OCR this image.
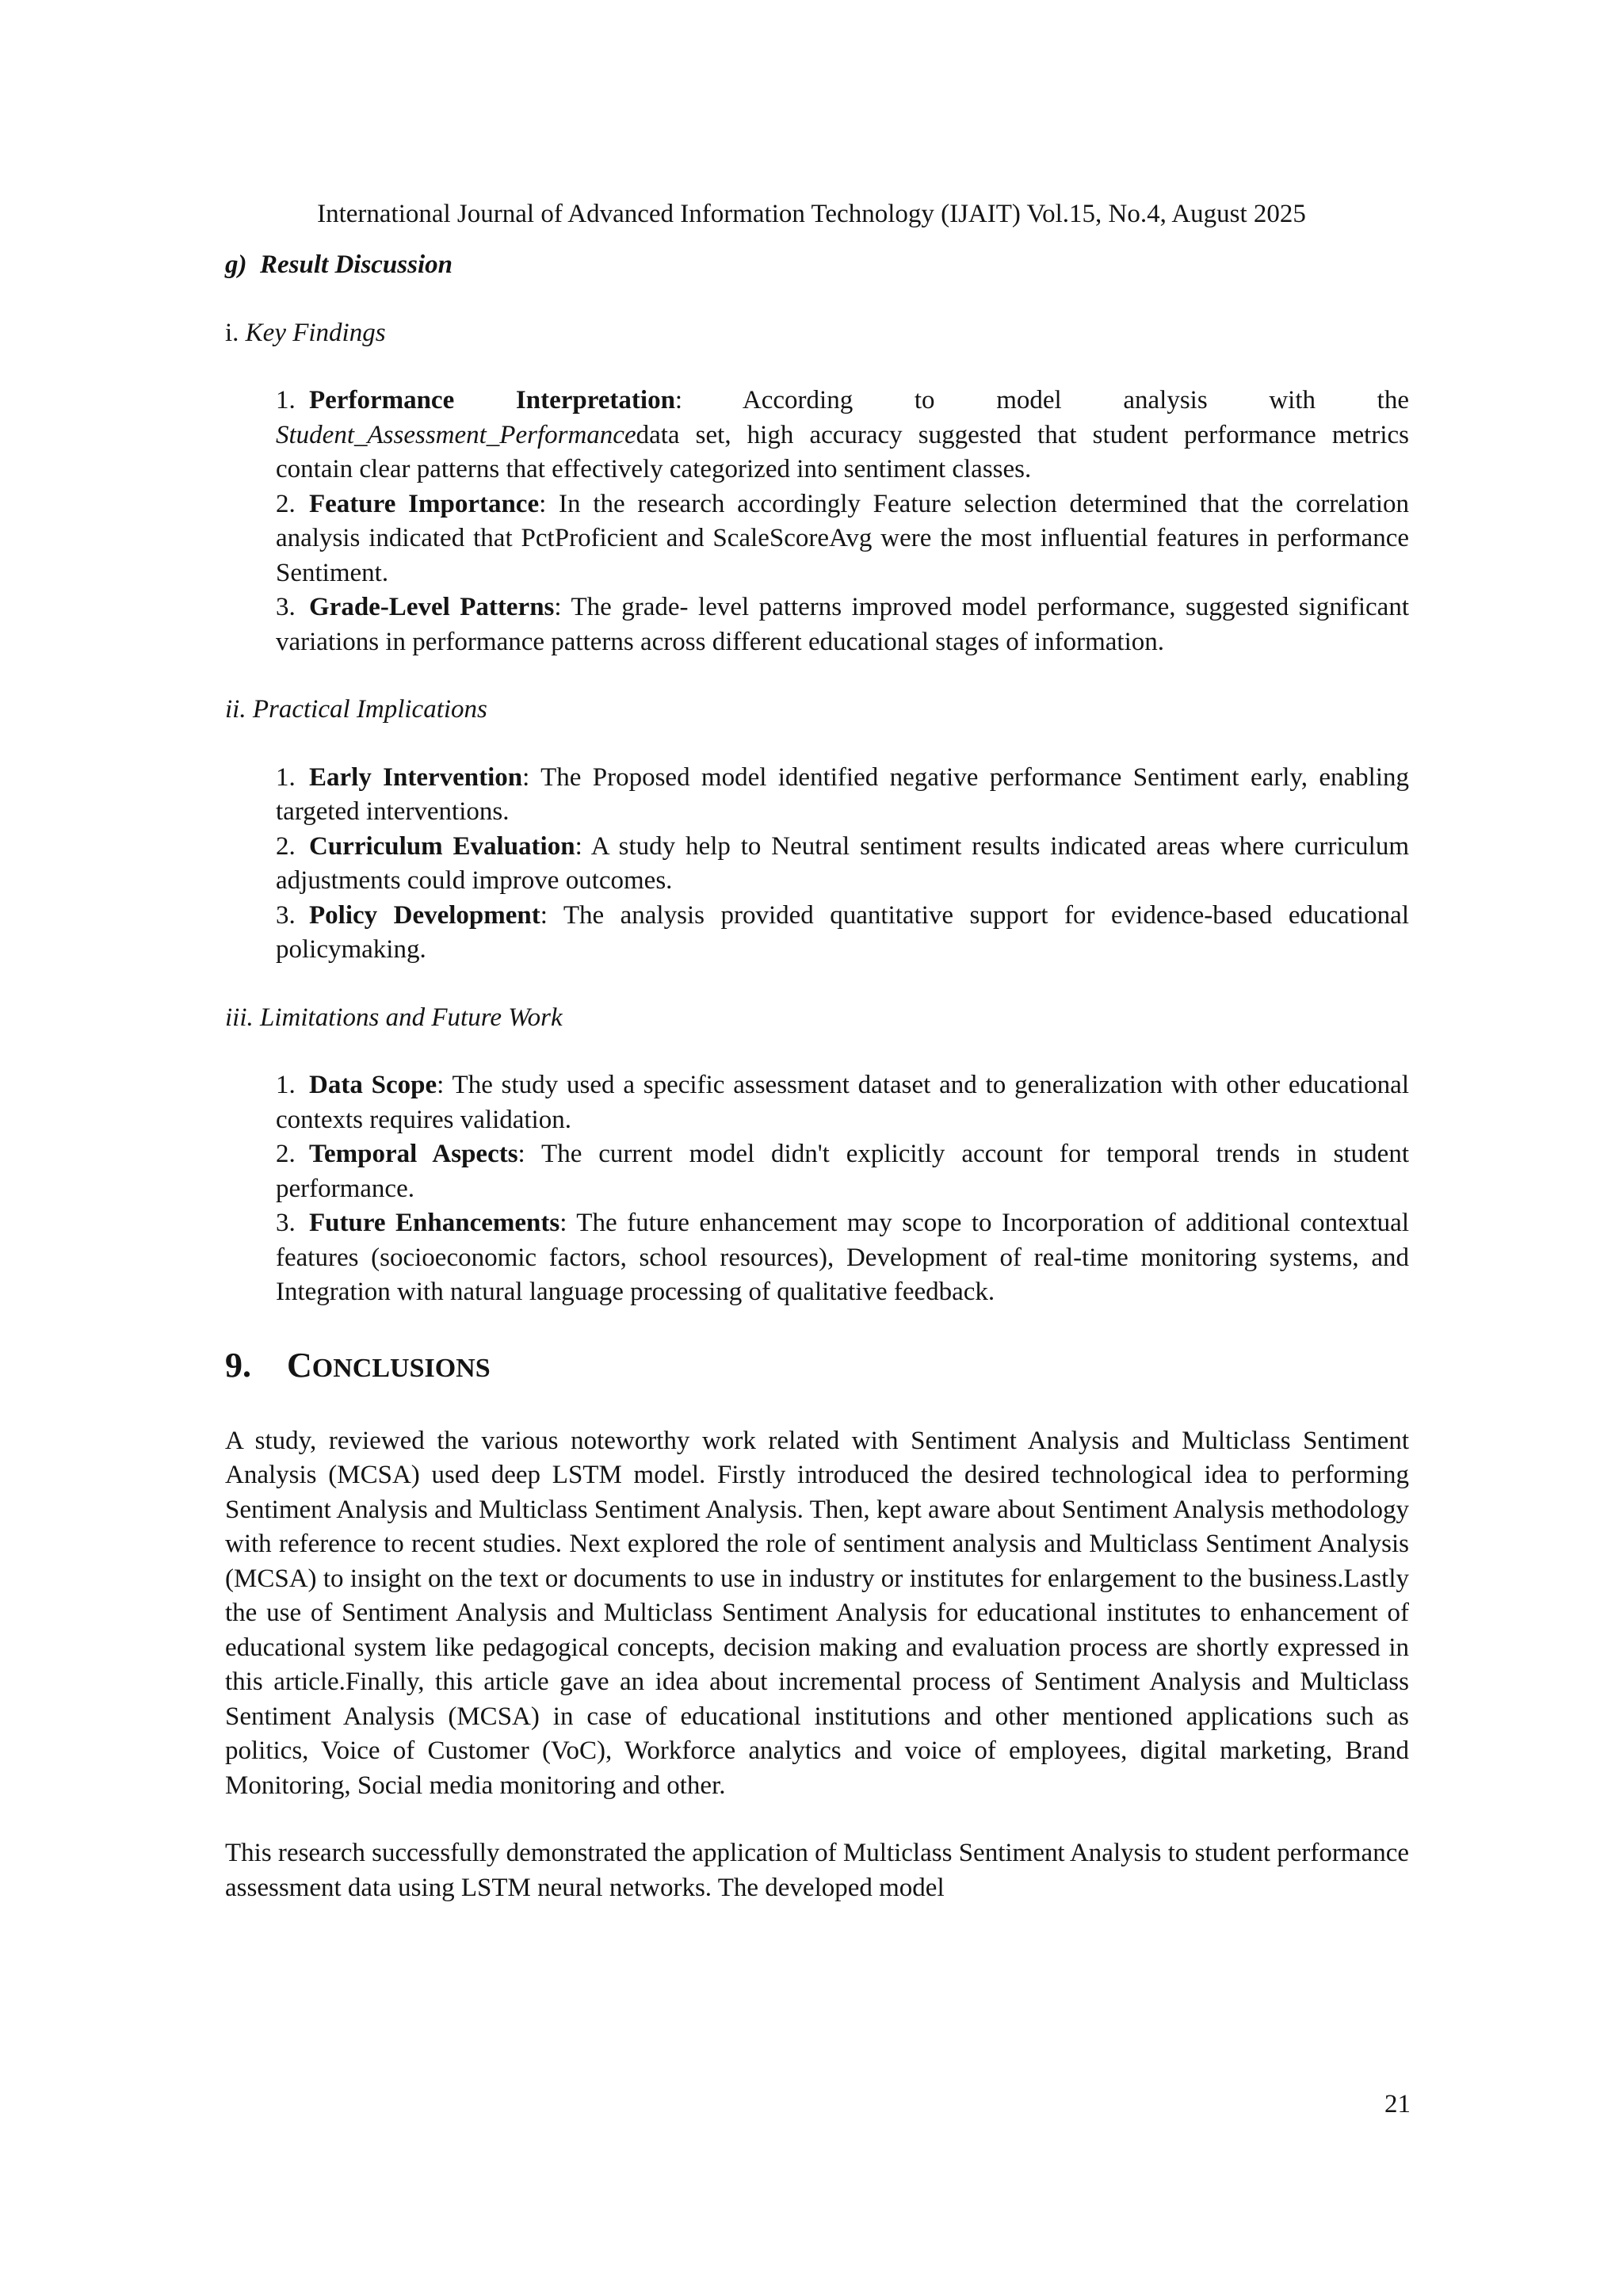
International Journal of Advanced Information Technology (IJAIT) Vol.15, No.4, August 2025

g) Result Discussion

i. Key Findings

1. Performance Interpretation: According to model analysis with the Student_Assessment_Performancedata set, high accuracy suggested that student performance metrics contain clear patterns that effectively categorized into sentiment classes.
2. Feature Importance: In the research accordingly Feature selection determined that the correlation analysis indicated that PctProficient and ScaleScoreAvg were the most influential features in performance Sentiment.
3. Grade-Level Patterns: The grade- level patterns improved model performance, suggested significant variations in performance patterns across different educational stages of information.

ii. Practical Implications

1. Early Intervention: The Proposed model identified negative performance Sentiment early, enabling targeted interventions.
2. Curriculum Evaluation: A study help to Neutral sentiment results indicated areas where curriculum adjustments could improve outcomes.
3. Policy Development: The analysis provided quantitative support for evidence-based educational policymaking.

iii. Limitations and Future Work

1. Data Scope: The study used a specific assessment dataset and to generalization with other educational contexts requires validation.
2. Temporal Aspects: The current model didn't explicitly account for temporal trends in student performance.
3. Future Enhancements: The future enhancement may scope to Incorporation of additional contextual features (socioeconomic factors, school resources), Development of real-time monitoring systems, and Integration with natural language processing of qualitative feedback.

9. CONCLUSIONS

A study, reviewed the various noteworthy work related with Sentiment Analysis and Multiclass Sentiment Analysis (MCSA) used deep LSTM model. Firstly introduced the desired technological idea to performing Sentiment Analysis and Multiclass Sentiment Analysis. Then, kept aware about Sentiment Analysis methodology with reference to recent studies. Next explored the role of sentiment analysis and Multiclass Sentiment Analysis (MCSA) to insight on the text or documents to use in industry or institutes for enlargement to the business.Lastly the use of Sentiment Analysis and Multiclass Sentiment Analysis for educational institutes to enhancement of educational system like pedagogical concepts, decision making and evaluation process are shortly expressed in this article.Finally, this article gave an idea about incremental process of Sentiment Analysis and Multiclass Sentiment Analysis (MCSA) in case of educational institutions and other mentioned applications such as politics, Voice of Customer (VoC), Workforce analytics and voice of employees, digital marketing, Brand Monitoring, Social media monitoring and other.

This research successfully demonstrated the application of Multiclass Sentiment Analysis to student performance assessment data using LSTM neural networks. The developed model

21
